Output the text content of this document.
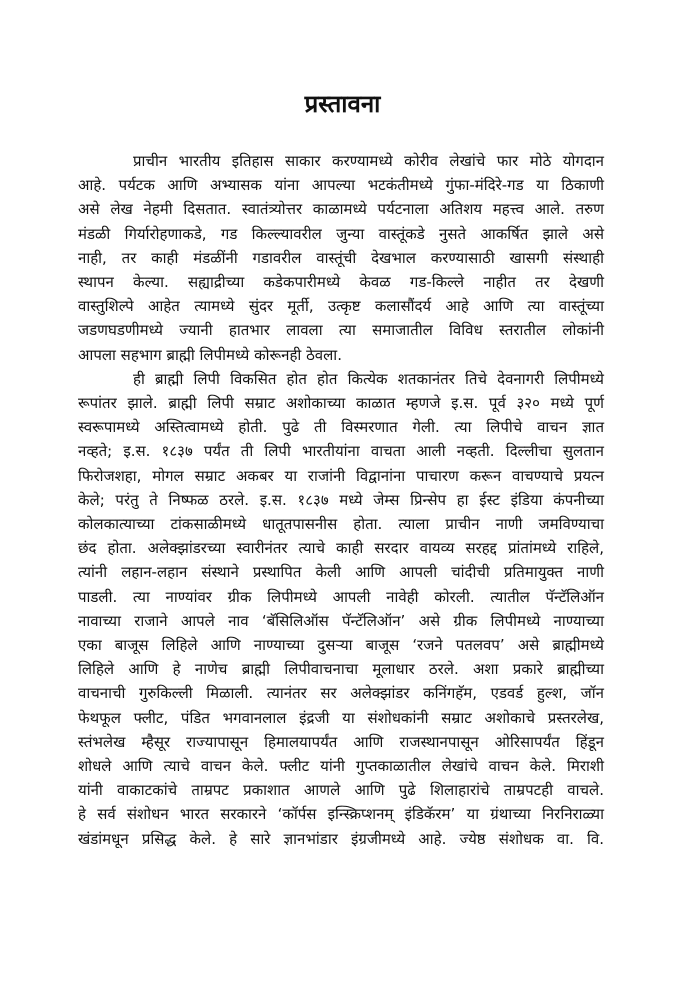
प्रस्तावना
प्राचीन भारतीय इतिहास साकार करण्यामध्ये कोरीव लेखांचे फार मोठे योगदान
आहे. पर्यटक आणि अभ्यासक यांना आपल्या भटकंतीमध्ये गुंफा-मंदिरे-गड या ठिकाणी
असे लेख नेहमी दिसतात. स्वातंत्र्योत्तर काळामध्ये पर्यटनाला अतिशय महत्त्व आले. तरुण
मंडळी गिर्यारोहणाकडे, गड किल्ल्यावरील जुन्या वास्तूंकडे नुसते आकर्षित झाले असे
नाही, तर काही मंडळींनी गडावरील वास्तूंची देखभाल करण्यासाठी खासगी संस्थाही
स्थापन केल्या. सह्याद्रीच्या कडेकपारीमध्ये केवळ गड-किल्ले नाहीत तर देखणी
वास्तुशिल्पे आहेत त्यामध्ये सुंदर मूर्ती, उत्कृष्ट कलासौंदर्य आहे आणि त्या वास्तूंच्या
जडणघडणीमध्ये ज्यानी हातभार लावला त्या समाजातील विविध स्तरातील लोकांनी
आपला सहभाग ब्राह्मी लिपीमध्ये कोरूनही ठेवला.
ही ब्राह्मी लिपी विकसित होत होत कित्येक शतकानंतर तिचे देवनागरी लिपीमध्ये
रूपांतर झाले. ब्राह्मी लिपी सम्राट अशोकाच्या काळात म्हणजे इ.स. पूर्व ३२० मध्ये पूर्ण
स्वरूपामध्ये अस्तित्वामध्ये होती. पुढे ती विस्मरणात गेली. त्या लिपीचे वाचन ज्ञात
नव्हते; इ.स. १८३७ पर्यंत ती लिपी भारतीयांना वाचता आली नव्हती. दिल्लीचा सुलतान
फिरोजशहा, मोगल सम्राट अकबर या राजांनी विद्वानांना पाचारण करून वाचण्याचे प्रयत्न
केले; परंतु ते निष्फळ ठरले. इ.स. १८३७ मध्ये जेम्स प्रिन्सेप हा ईस्ट इंडिया कंपनीच्या
कोलकात्याच्या टांकसाळीमध्ये धातूतपासनीस होता. त्याला प्राचीन नाणी जमविण्याचा
छंद होता. अलेक्झांडरच्या स्वारीनंतर त्याचे काही सरदार वायव्य सरहद्द प्रांतांमध्ये राहिले,
त्यांनी लहान-लहान संस्थाने प्रस्थापित केली आणि आपली चांदीची प्रतिमायुक्त नाणी
पाडली. त्या नाण्यांवर ग्रीक लिपीमध्ये आपली नावेही कोरली. त्यातील पॅन्टॅलिऑन
नावाच्या राजाने आपले नाव ‘बॅसिलिऑस पॅन्टॅलिऑन’ असे ग्रीक लिपीमध्ये नाण्याच्या
एका बाजूस लिहिले आणि नाण्याच्या दुसऱ्या बाजूस ‘रजने पतलवप’ असे ब्राह्मीमध्ये
लिहिले आणि हे नाणेच ब्राह्मी लिपीवाचनाचा मूलाधार ठरले. अशा प्रकारे ब्राह्मीच्या
वाचनाची गुरुकिल्ली मिळाली. त्यानंतर सर अलेक्झांडर कनिंगहॅम, एडवर्ड हुल्श, जॉन
फेथफूल फ्लीट, पंडित भगवानलाल इंद्रजी या संशोधकांनी सम्राट अशोकाचे प्रस्तरलेख,
स्तंभलेख म्हैसूर राज्यापासून हिमालयापर्यंत आणि राजस्थानपासून ओरिसापर्यंत हिंडून
शोधले आणि त्याचे वाचन केले. फ्लीट यांनी गुप्तकाळातील लेखांचे वाचन केले. मिराशी
यांनी वाकाटकांचे ताम्रपट प्रकाशात आणले आणि पुढे शिलाहारांचे ताम्रपटही वाचले.
हे सर्व संशोधन भारत सरकारने ‘कॉर्पस इन्स्क्रिप्शनम् इंडिकॅरम’ या ग्रंथाच्या निरनिराळ्या
खंडांमधून प्रसिद्ध केले. हे सारे ज्ञानभांडार इंग्रजीमध्ये आहे. ज्येष्ठ संशोधक वा. वि.
